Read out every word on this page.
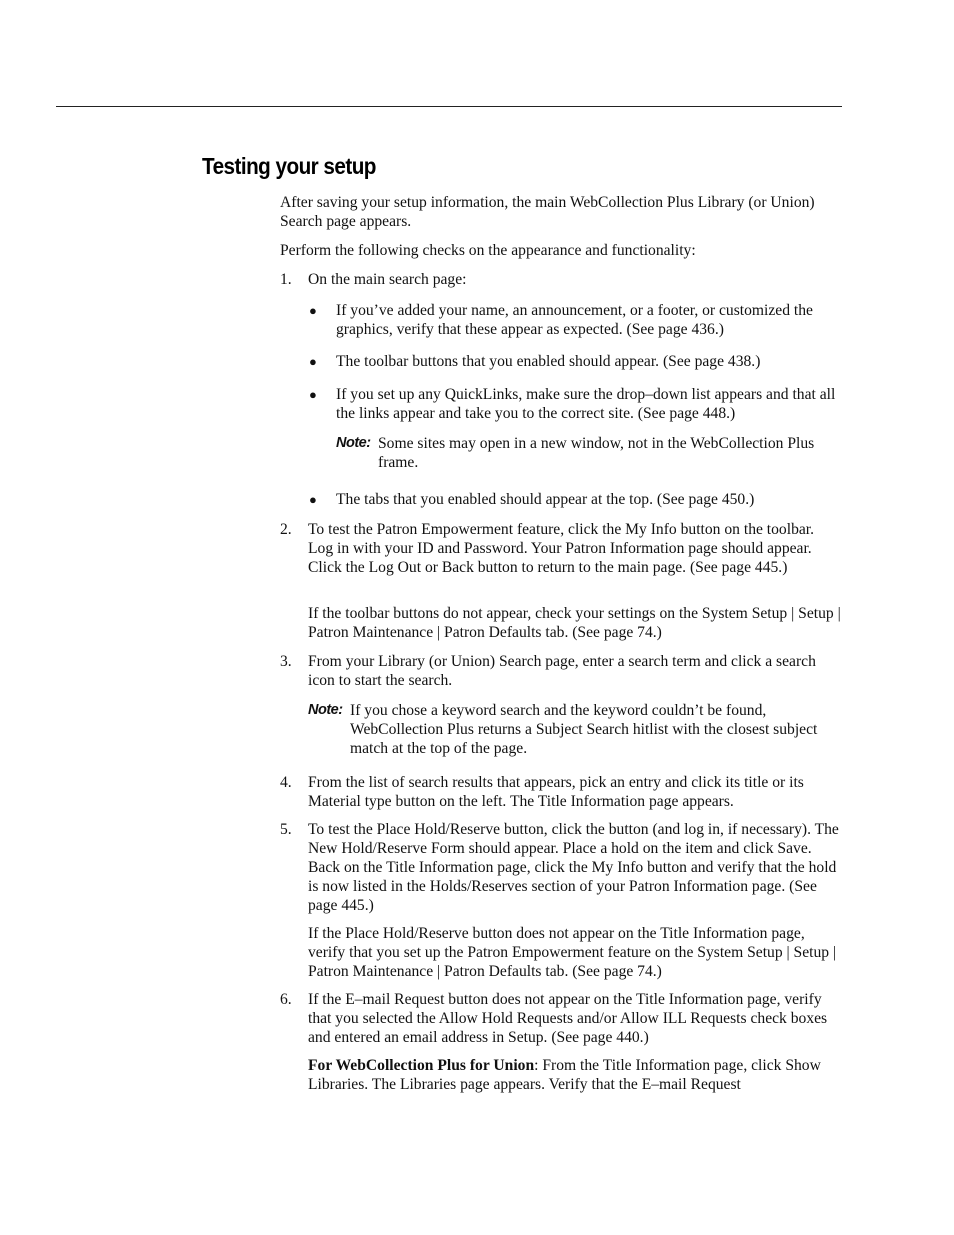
Testing your setup

After saving your setup information, the main WebCollection Plus Library (or Union) Search page appears.

Perform the following checks on the appearance and functionality:

1. On the main search page:

● If you’ve added your name, an announcement, or a footer, or customized the graphics, verify that these appear as expected. (See page 436.)

● The toolbar buttons that you enabled should appear. (See page 438.)

● If you set up any QuickLinks, make sure the drop–down list appears and that all the links appear and take you to the correct site. (See page 448.)

Note: Some sites may open in a new window, not in the WebCollection Plus frame.

● The tabs that you enabled should appear at the top. (See page 450.)

2. To test the Patron Empowerment feature, click the My Info button on the toolbar. Log in with your ID and Password. Your Patron Information page should appear. Click the Log Out or Back button to return to the main page. (See page 445.)

If the toolbar buttons do not appear, check your settings on the System Setup | Setup | Patron Maintenance | Patron Defaults tab. (See page 74.)

3. From your Library (or Union) Search page, enter a search term and click a search icon to start the search.

Note: If you chose a keyword search and the keyword couldn’t be found, WebCollection Plus returns a Subject Search hitlist with the closest subject match at the top of the page.

4. From the list of search results that appears, pick an entry and click its title or its Material type button on the left. The Title Information page appears.

5. To test the Place Hold/Reserve button, click the button (and log in, if necessary). The New Hold/Reserve Form should appear. Place a hold on the item and click Save. Back on the Title Information page, click the My Info button and verify that the hold is now listed in the Holds/Reserves section of your Patron Information page. (See page 445.)

If the Place Hold/Reserve button does not appear on the Title Information page, verify that you set up the Patron Empowerment feature on the System Setup | Setup | Patron Maintenance | Patron Defaults tab. (See page 74.)

6. If the E–mail Request button does not appear on the Title Information page, verify that you selected the Allow Hold Requests and/or Allow ILL Requests check boxes and entered an email address in Setup. (See page 440.)

For WebCollection Plus for Union: From the Title Information page, click Show Libraries. The Libraries page appears. Verify that the E–mail Request
